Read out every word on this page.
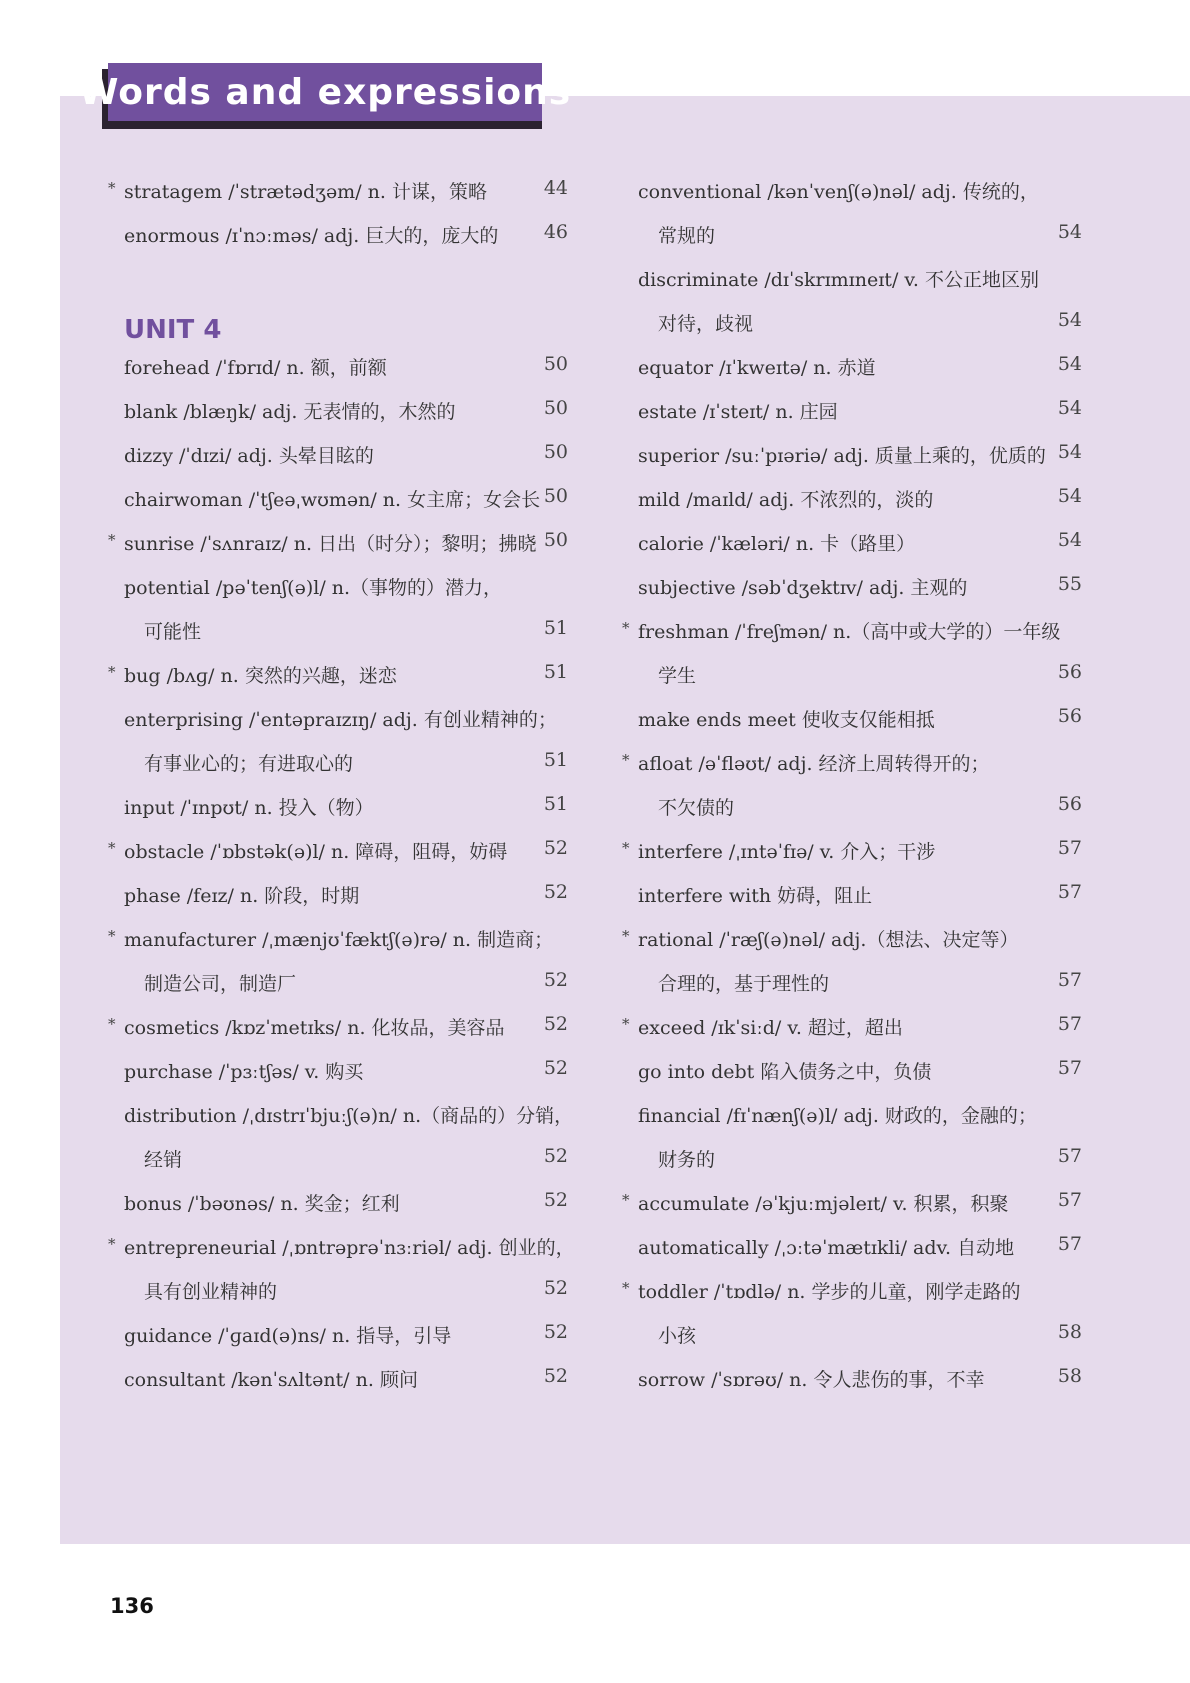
Words and expressions
* stratagem /ˈstrætədʒəm/ n. 计谋，策略	44
enormous /ɪˈnɔːməs/ adj. 巨大的，庞大的 46
UNIT 4
forehead /ˈfɒrɪd/ n. 额，前额	50
blank /blæŋk/ adj. 无表情的，木然的	50
dizzy /ˈdɪzi/ adj. 头晕目眩的	50
chairwoman /ˈtʃeəˌwʊmən/ n. 女主席；女会长 50
* sunrise /ˈsʌnraɪz/ n. 日出（时分）；黎明；拂晓 50
potential /pəˈtenʃ(ə)l/ n.（事物的）潜力，
可能性	51
* bug /bʌɡ/ n. 突然的兴趣，迷恋	51
enterprising /ˈentəpraɪzɪŋ/ adj. 有创业精神的；
有事业心的；有进取心的	51
input /ˈɪnpʊt/ n. 投入（物）	51
* obstacle /ˈɒbstək(ə)l/ n. 障碍，阻碍，妨碍 52
phase /feɪz/ n. 阶段，时期	52
* manufacturer /ˌmænjʊˈfæktʃ(ə)rə/ n. 制造商；
制造公司，制造厂	52
* cosmetics /kɒzˈmetɪks/ n. 化妆品，美容品 52
purchase /ˈpɜːtʃəs/ v. 购买	52
distribution /ˌdɪstrɪˈbjuːʃ(ə)n/ n.（商品的）分销，
经销	52
bonus /ˈbəʊnəs/ n. 奖金；红利	52
* entrepreneurial /ˌɒntrəprəˈnɜːriəl/ adj. 创业的，
具有创业精神的	52
guidance /ˈɡaɪd(ə)ns/ n. 指导，引导	52
consultant /kənˈsʌltənt/ n. 顾问	52
conventional /kənˈvenʃ(ə)nəl/ adj. 传统的，
常规的	54
discriminate /dɪˈskrɪmɪneɪt/ v. 不公正地区别
对待，歧视	54
equator /ɪˈkweɪtə/ n. 赤道	54
estate /ɪˈsteɪt/ n. 庄园	54
superior /suːˈpɪəriə/ adj. 质量上乘的，优质的 54
mild /maɪld/ adj. 不浓烈的，淡的	54
calorie /ˈkæləri/ n. 卡（路里）	54
subjective /səbˈdʒektɪv/ adj. 主观的	55
* freshman /ˈfreʃmən/ n.（高中或大学的）一年级
学生	56
make ends meet 使收支仅能相抵	56
* afloat /əˈfləʊt/ adj. 经济上周转得开的；
不欠债的	56
* interfere /ˌɪntəˈfɪə/ v. 介入；干涉	57
interfere with 妨碍，阻止	57
* rational /ˈræʃ(ə)nəl/ adj.（想法、决定等）
合理的，基于理性的	57
* exceed /ɪkˈsiːd/ v. 超过，超出	57
go into debt 陷入债务之中，负债	57
financial /fɪˈnænʃ(ə)l/ adj. 财政的，金融的；
财务的	57
* accumulate /əˈkjuːmjəleɪt/ v. 积累，积聚	57
automatically /ˌɔːtəˈmætɪkli/ adv. 自动地 57
* toddler /ˈtɒdlə/ n. 学步的儿童，刚学走路的
小孩	58
sorrow /ˈsɒrəʊ/ n. 令人悲伤的事，不幸	58
136
